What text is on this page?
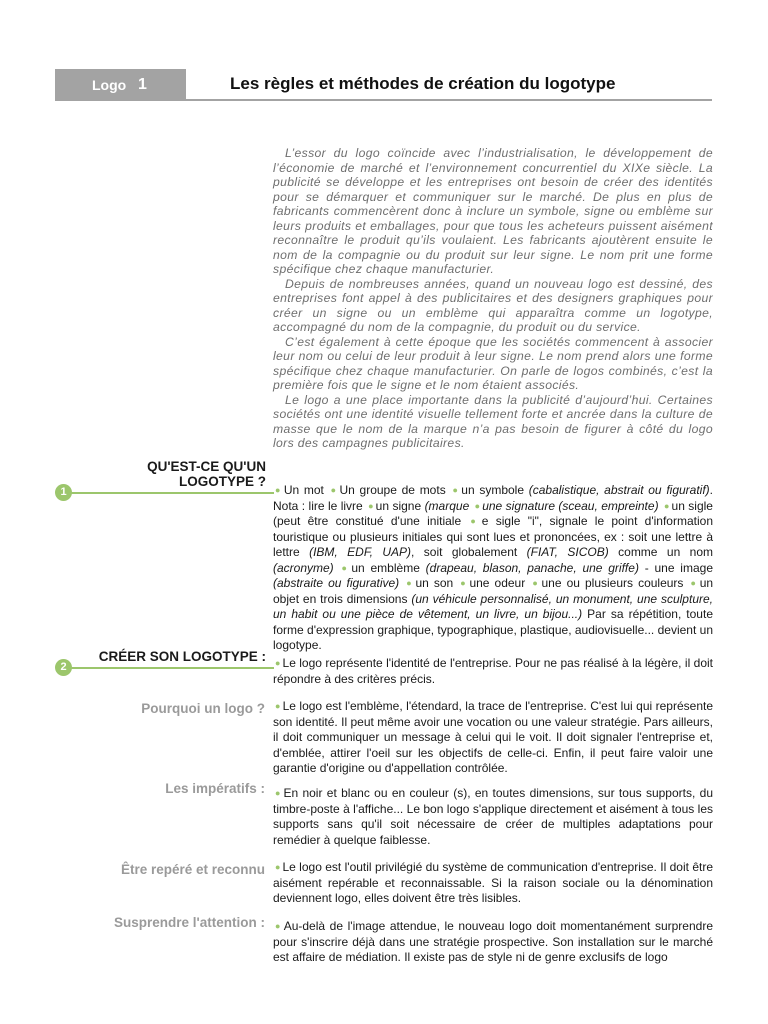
Logo 1	Les règles et méthodes de création du logotype

L’essor du logo coïncide avec l’industrialisation, le développement de l’économie de marché et l’environnement concurrentiel du XIXe siècle. La publicité se développe et les entreprises ont besoin de créer des identités pour se démarquer et communiquer sur le marché. De plus en plus de fabricants commencèrent donc à inclure un symbole, signe ou emblème sur leurs produits et emballages, pour que tous les acheteurs puissent aisément reconnaître le produit qu’ils voulaient. Les fabricants ajoutèrent ensuite le nom de la compagnie ou du produit sur leur signe. Le nom prit une forme spécifique chez chaque manufacturier.

Depuis de nombreuses années, quand un nouveau logo est dessiné, des entreprises font appel à des publicitaires et des designers graphiques pour créer un signe ou un emblème qui apparaîtra comme un logotype, accompagné du nom de la compagnie, du produit ou du service.

C’est également à cette époque que les sociétés commencent à associer leur nom ou celui de leur produit à leur signe. Le nom prend alors une forme spécifique chez chaque manufacturier. On parle de logos combinés, c’est la première fois que le signe et le nom étaient associés.

Le logo a une place importante dans la publicité d’aujourd’hui. Certaines sociétés ont une identité visuelle tellement forte et ancrée dans la culture de masse que le nom de la marque n’a pas besoin de figurer à côté du logo lors des campagnes publicitaires.

QU'EST-CE QU'UN
LOGOTYPE ?
1	● Un mot ● Un groupe de mots ● un symbole (cabalistique, abstrait ou figuratif). Nota : lire le livre ● un signe (marque ● une signature (sceau, empreinte) ● un sigle (peut être constitué d'une initiale ● e sigle "i", signale le point d'information touristique ou plusieurs initiales qui sont lues et prononcées, ex : soit une lettre à lettre (IBM, EDF, UAP), soit globalement (FIAT, SICOB) comme un nom (acronyme) ● un emblème (drapeau, blason, panache, une griffe) - une image (abstraite ou figurative) ● un son ● une odeur ● une ou plusieurs couleurs ● un objet en trois dimensions (un véhicule personnalisé, un monument, une sculpture, un habit ou une pièce de vêtement, un livre, un bijou...) Par sa répétition, toute forme d'expression graphique, typographique, plastique, audiovisuelle... devient un logotype.

CRÉER SON LOGOTYPE :
2	● Le logo représente l'identité de l'entreprise. Pour ne pas réalisé à la légère, il doit répondre à des critères précis.

Pourquoi un logo ? ● Le logo est l'emblème, l'étendard, la trace de l'entreprise. C'est lui qui représente son identité. Il peut même avoir une vocation ou une valeur stratégie. Pars ailleurs, il doit communiquer un message à celui qui le voit. Il doit signaler l'entreprise et, d'emblée, attirer l'oeil sur les objectifs de celle-ci. Enfin, il peut faire valoir une garantie d'origine ou d'appellation contrôlée.

Les impératifs : ● En noir et blanc ou en couleur (s), en toutes dimensions, sur tous supports, du timbre-poste à l'affiche... Le bon logo s'applique directement et aisément à tous les supports sans qu'il soit nécessaire de créer de multiples adaptations pour remédier à quelque faiblesse.

Être repéré et reconnu ● Le logo est l'outil privilégié du système de communication d'entreprise. Il doit être aisément repérable et reconnaissable. Si la raison sociale ou la dénomination deviennent logo, elles doivent être très lisibles.

Susprendre l'attention : ● Au-delà de l'image attendue, le nouveau logo doit momentanément surprendre pour s'inscrire déjà dans une stratégie prospective. Son installation sur le marché est affaire de médiation. Il existe pas de style ni de genre exclusifs de logo
